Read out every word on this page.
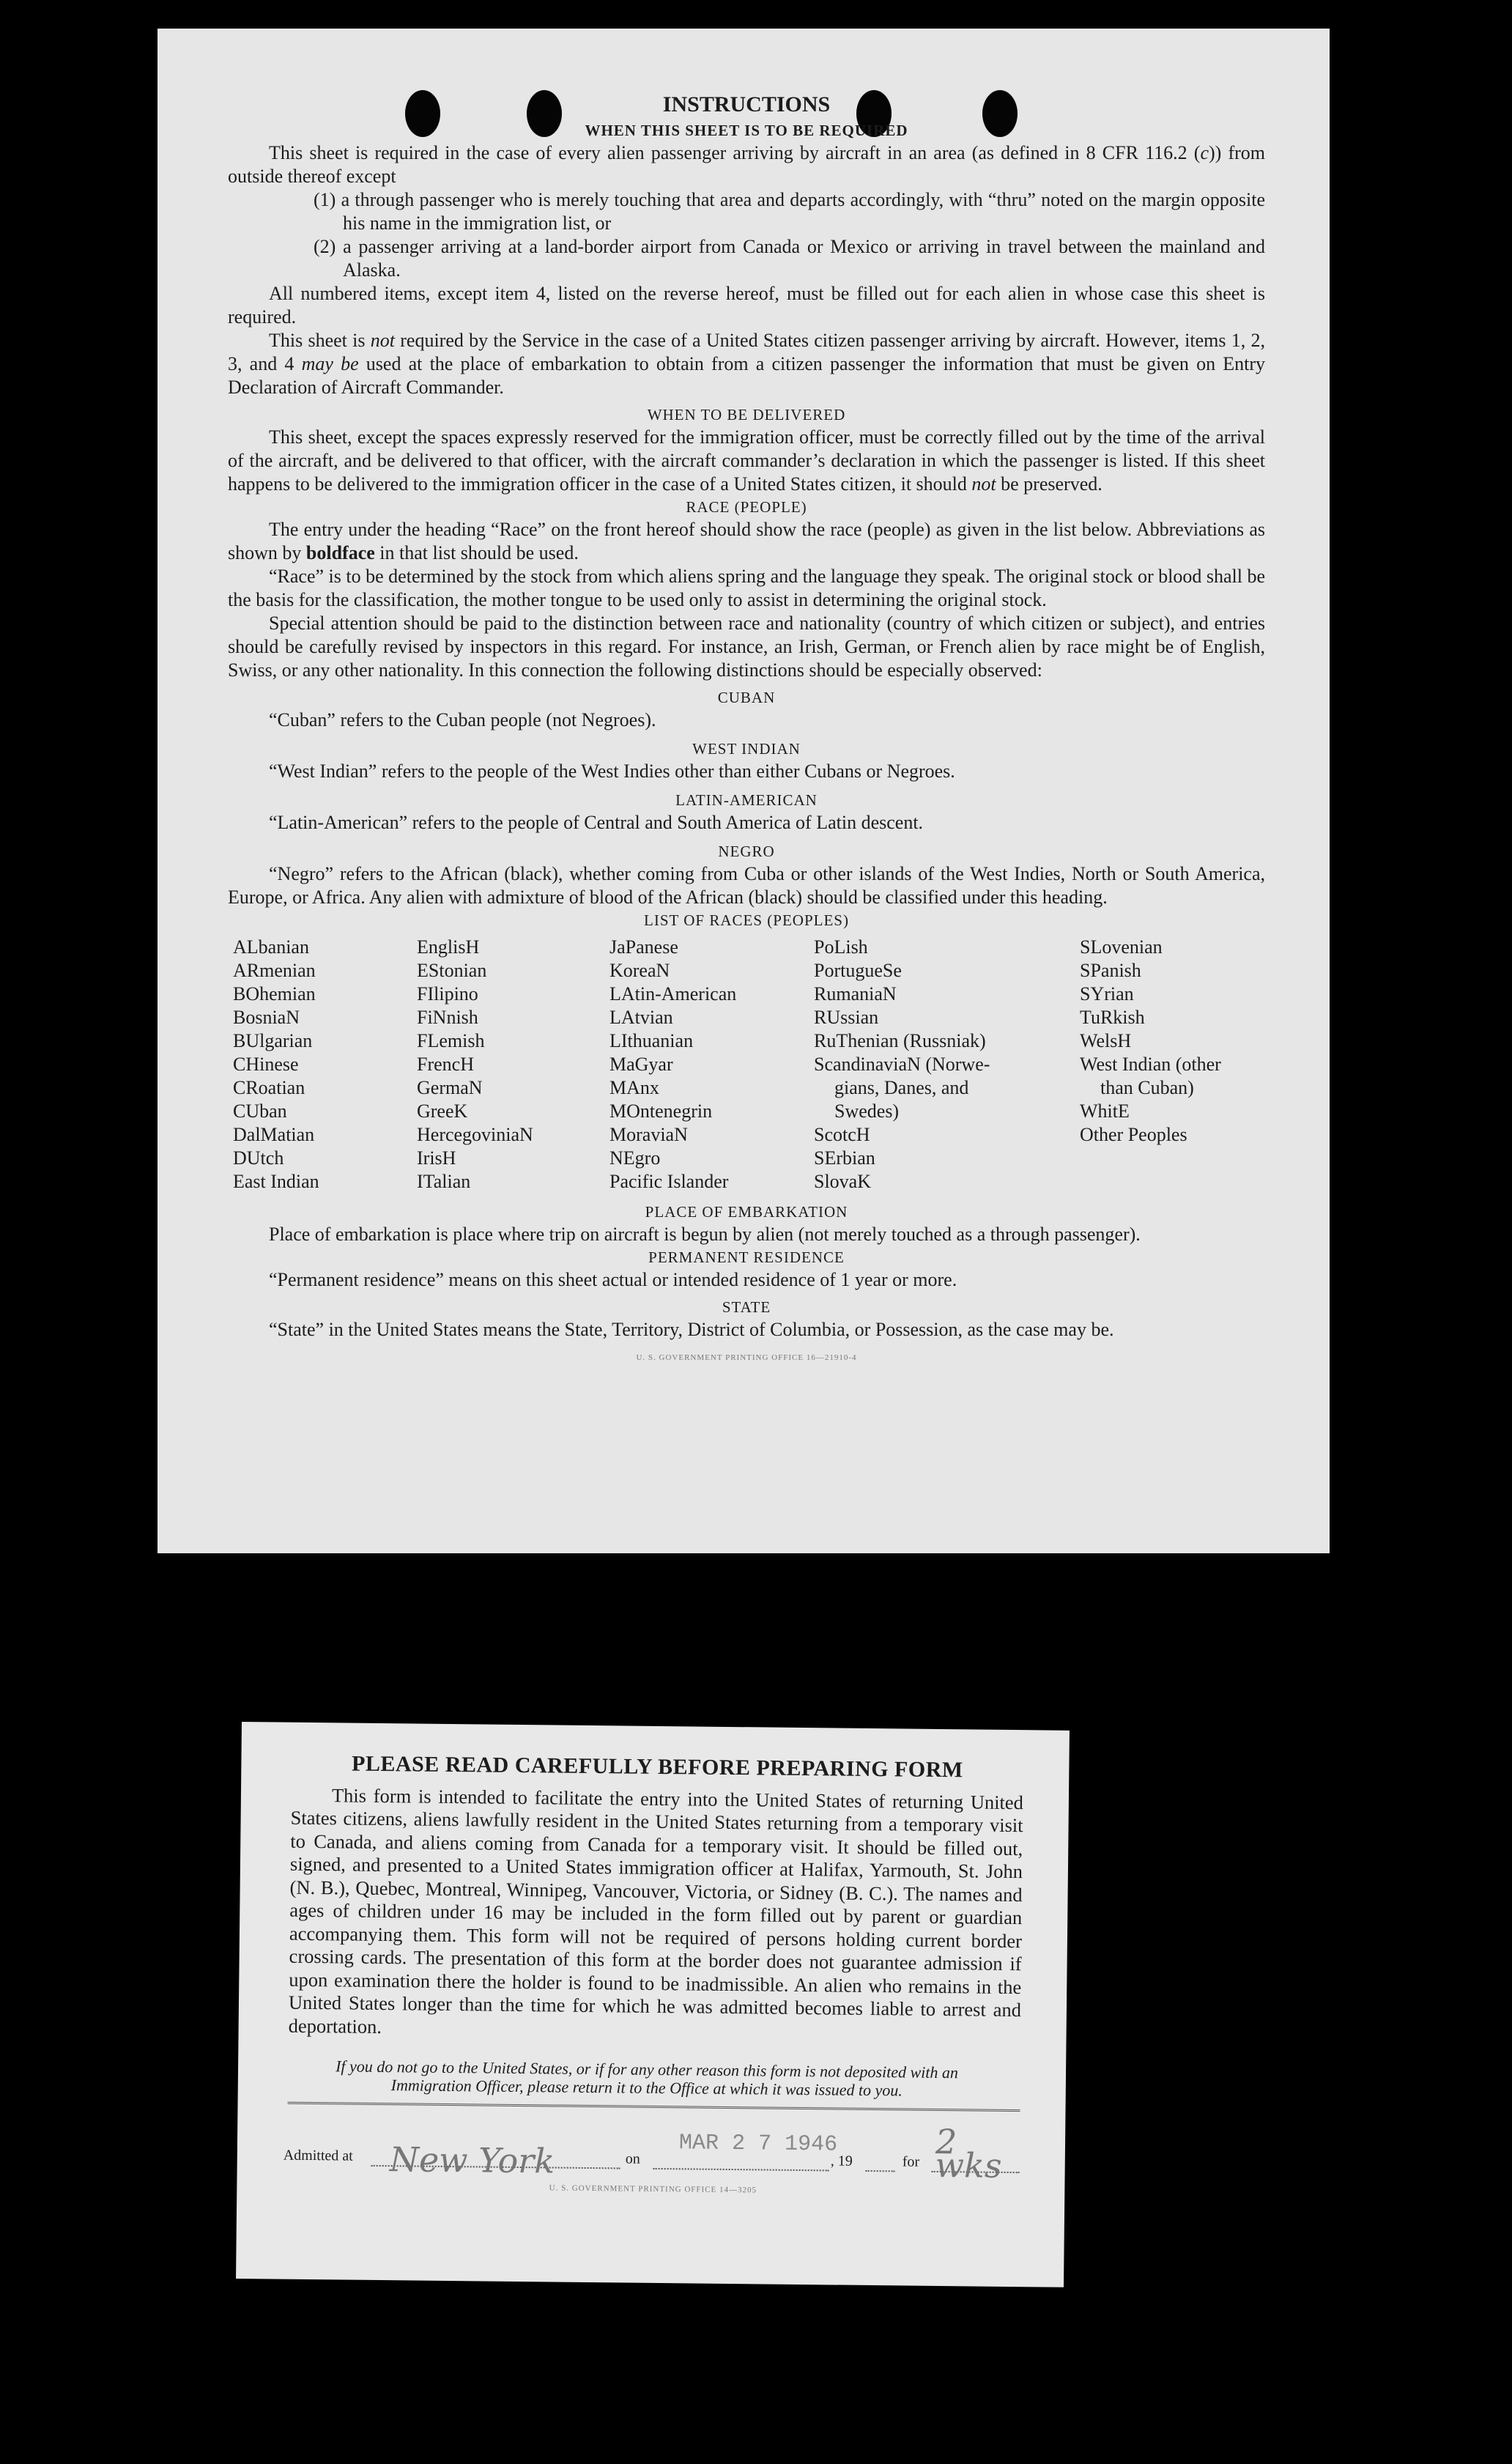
INSTRUCTIONS
WHEN THIS SHEET IS TO BE REQUIRED

This sheet is required in the case of every alien passenger arriving by aircraft in an area (as defined in 8 CFR 116.2 (c)) from outside thereof except

(1) a through passenger who is merely touching that area and departs accordingly, with “thru” noted on the margin opposite his name in the immigration list, or

(2) a passenger arriving at a land-border airport from Canada or Mexico or arriving in travel between the mainland and Alaska.

All numbered items, except item 4, listed on the reverse hereof, must be filled out for each alien in whose case this sheet is required.

This sheet is not required by the Service in the case of a United States citizen passenger arriving by aircraft. However, items 1, 2, 3, and 4 may be used at the place of embarkation to obtain from a citizen passenger the information that must be given on Entry Declaration of Aircraft Commander.

WHEN TO BE DELIVERED

This sheet, except the spaces expressly reserved for the immigration officer, must be correctly filled out by the time of the arrival of the aircraft, and be delivered to that officer, with the aircraft commander’s declaration in which the passenger is listed. If this sheet happens to be delivered to the immigration officer in the case of a United States citizen, it should not be preserved.

RACE (PEOPLE)

The entry under the heading “Race” on the front hereof should show the race (people) as given in the list below. Abbreviations as shown by boldface in that list should be used.

“Race” is to be determined by the stock from which aliens spring and the language they speak. The original stock or blood shall be the basis for the classification, the mother tongue to be used only to assist in determining the original stock.

Special attention should be paid to the distinction between race and nationality (country of which citizen or subject), and entries should be carefully revised by inspectors in this regard. For instance, an Irish, German, or French alien by race might be of English, Swiss, or any other nationality. In this connection the following distinctions should be especially observed:

CUBAN

“Cuban” refers to the Cuban people (not Negroes).

WEST INDIAN

“West Indian” refers to the people of the West Indies other than either Cubans or Negroes.

LATIN-AMERICAN

“Latin-American” refers to the people of Central and South America of Latin descent.

NEGRO

“Negro” refers to the African (black), whether coming from Cuba or other islands of the West Indies, North or South America, Europe, or Africa. Any alien with admixture of blood of the African (black) should be classified under this heading.

LIST OF RACES (PEOPLES)
ALbanian
ARmenian
BOhemian
BosniaN
BUlgarian
CHinese
CRoatian
CUban
DalMatian
DUtch
East Indian
EnglisH
EStonian
FIlipino
FiNnish
FLemish
FrencH
GermaN
GreeK
HercegoviniaN
IrisH
ITalian
JaPanese
KoreaN
LAtin-American
LAtvian
LIthuanian
MaGyar
MAnx
MOntenegrin
MoraviaN
NEgro
Pacific Islander
PoLish
PortugueSe
RumaniaN
RUssian
RuThenian (Russniak)
ScandinaviaN (Norwe-
gians, Danes, and
Swedes)
ScotcH
SErbian
SlovaK
SLovenian
SPanish
SYrian
TuRkish
WelsH
West Indian (other
than Cuban)
WhitE
Other Peoples
PLACE OF EMBARKATION

Place of embarkation is place where trip on aircraft is begun by alien (not merely touched as a through passenger).

PERMANENT RESIDENCE

“Permanent residence” means on this sheet actual or intended residence of 1 year or more.

STATE

“State” in the United States means the State, Territory, District of Columbia, or Possession, as the case may be.

U. S. GOVERNMENT PRINTING OFFICE 16—21910-4
PLEASE READ CAREFULLY BEFORE PREPARING FORM

This form is intended to facilitate the entry into the United States of returning United States citizens, aliens lawfully resident in the United States returning from a temporary visit to Canada, and aliens coming from Canada for a temporary visit. It should be filled out, signed, and presented to a United States immigration officer at Halifax, Yarmouth, St. John (N. B.), Quebec, Montreal, Winnipeg, Vancouver, Victoria, or Sidney (B. C.). The names and ages of children under 16 may be included in the form filled out by parent or guardian accompanying them. This form will not be required of persons holding current border crossing cards. The presentation of this form at the border does not guarantee admission if upon examination there the holder is found to be inadmissible. An alien who remains in the United States longer than the time for which he was admitted becomes liable to arrest and deportation.

If you do not go to the United States, or if for any other reason this form is not deposited with an Immigration Officer, please return it to the Office at which it was issued to you.
Admitted at New York	on
MAR 2 7 1946
, 19	for 2 wks
U. S. GOVERNMENT PRINTING OFFICE 14—3205
